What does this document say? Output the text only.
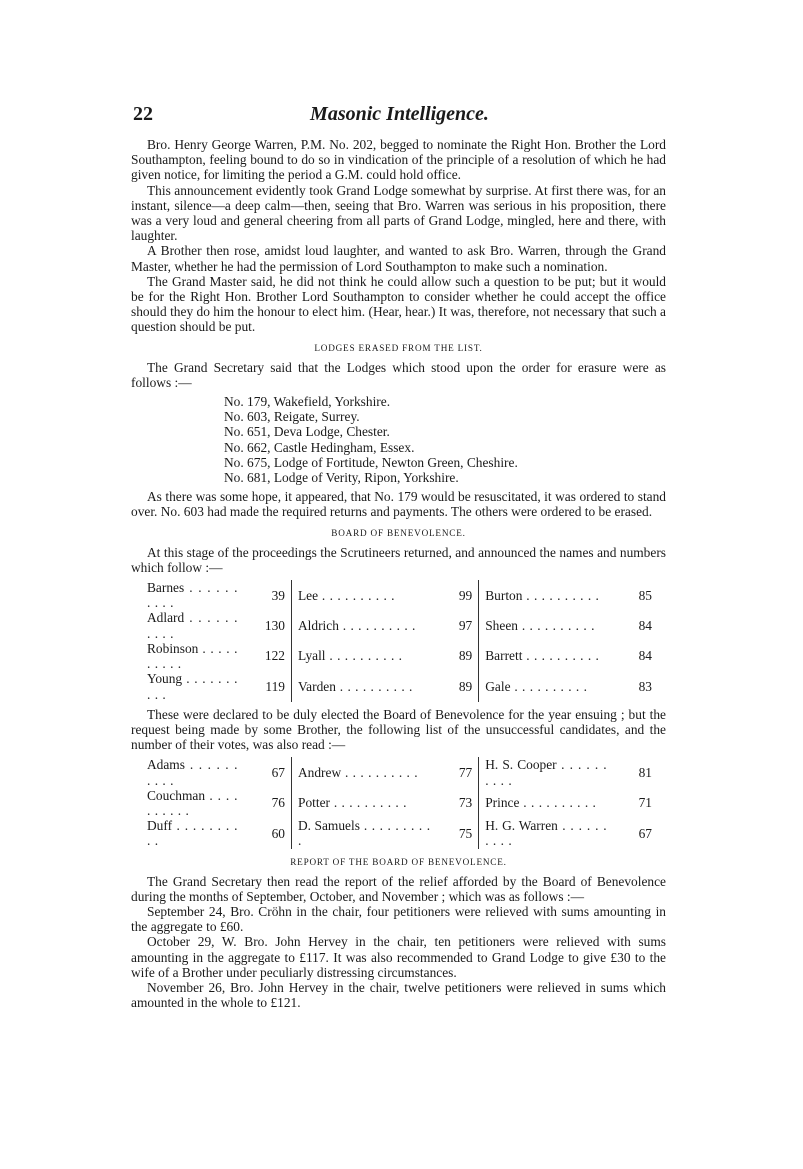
22	Masonic Intelligence.

Bro. Henry George Warren, P.M. No. 202, begged to nominate the Right Hon. Brother the Lord Southampton, feeling bound to do so in vindication of the principle of a resolution of which he had given notice, for limiting the period a G.M. could hold office.

This announcement evidently took Grand Lodge somewhat by surprise. At first there was, for an instant, silence—a deep calm—then, seeing that Bro. Warren was serious in his proposition, there was a very loud and general cheering from all parts of Grand Lodge, mingled, here and there, with laughter.

A Brother then rose, amidst loud laughter, and wanted to ask Bro. Warren, through the Grand Master, whether he had the permission of Lord Southampton to make such a nomination.

The Grand Master said, he did not think he could allow such a question to be put; but it would be for the Right Hon. Brother Lord Southampton to consider whether he could accept the office should they do him the honour to elect him. (Hear, hear.) It was, therefore, not necessary that such a question should be put.

LODGES ERASED FROM THE LIST.

The Grand Secretary said that the Lodges which stood upon the order for erasure were as follows :—

No. 179, Wakefield, Yorkshire.
No. 603, Reigate, Surrey.
No. 651, Deva Lodge, Chester.
No. 662, Castle Hedingham, Essex.
No. 675, Lodge of Fortitude, Newton Green, Cheshire.
No. 681, Lodge of Verity, Ripon, Yorkshire.

As there was some hope, it appeared, that No. 179 would be resuscitated, it was ordered to stand over. No. 603 had made the required returns and payments. The others were ordered to be erased.

BOARD OF BENEVOLENCE.

At this stage of the proceedings the Scrutineers returned, and announced the names and numbers which follow :—

Barnes . . .	39	Lee . . .	99	Burton . . .	85
Adlard . . .	130	Aldrich . . .	97	Sheen . . .	84
Robinson . . .	122	Lyall . . .	89	Barrett . . .	84
Young . . .	119	Varden . . .	89	Gale . . .	83

These were declared to be duly elected the Board of Benevolence for the year ensuing ; but the request being made by some Brother, the following list of the unsuccessful candidates, and the number of their votes, was also read :—

Adams . . .	67	Andrew . . .	77	H. S. Cooper . . .	81
Couchman . . .	76	Potter . . .	73	Prince . . .	71
Duff . . .	60	D. Samuels . . .	75	H. G. Warren . . .	67
REPORT OF THE BOARD OF BENEVOLENCE.

The Grand Secretary then read the report of the relief afforded by the Board of Benevolence during the months of September, October, and November ; which was as follows :—

September 24, Bro. Cröhn in the chair, four petitioners were relieved with sums amounting in the aggregate to £60.

October 29, W. Bro. John Hervey in the chair, ten petitioners were relieved with sums amounting in the aggregate to £117. It was also recommended to Grand Lodge to give £30 to the wife of a Brother under peculiarly distressing circumstances.

November 26, Bro. John Hervey in the chair, twelve petitioners were relieved in sums which amounted in the whole to £121.
